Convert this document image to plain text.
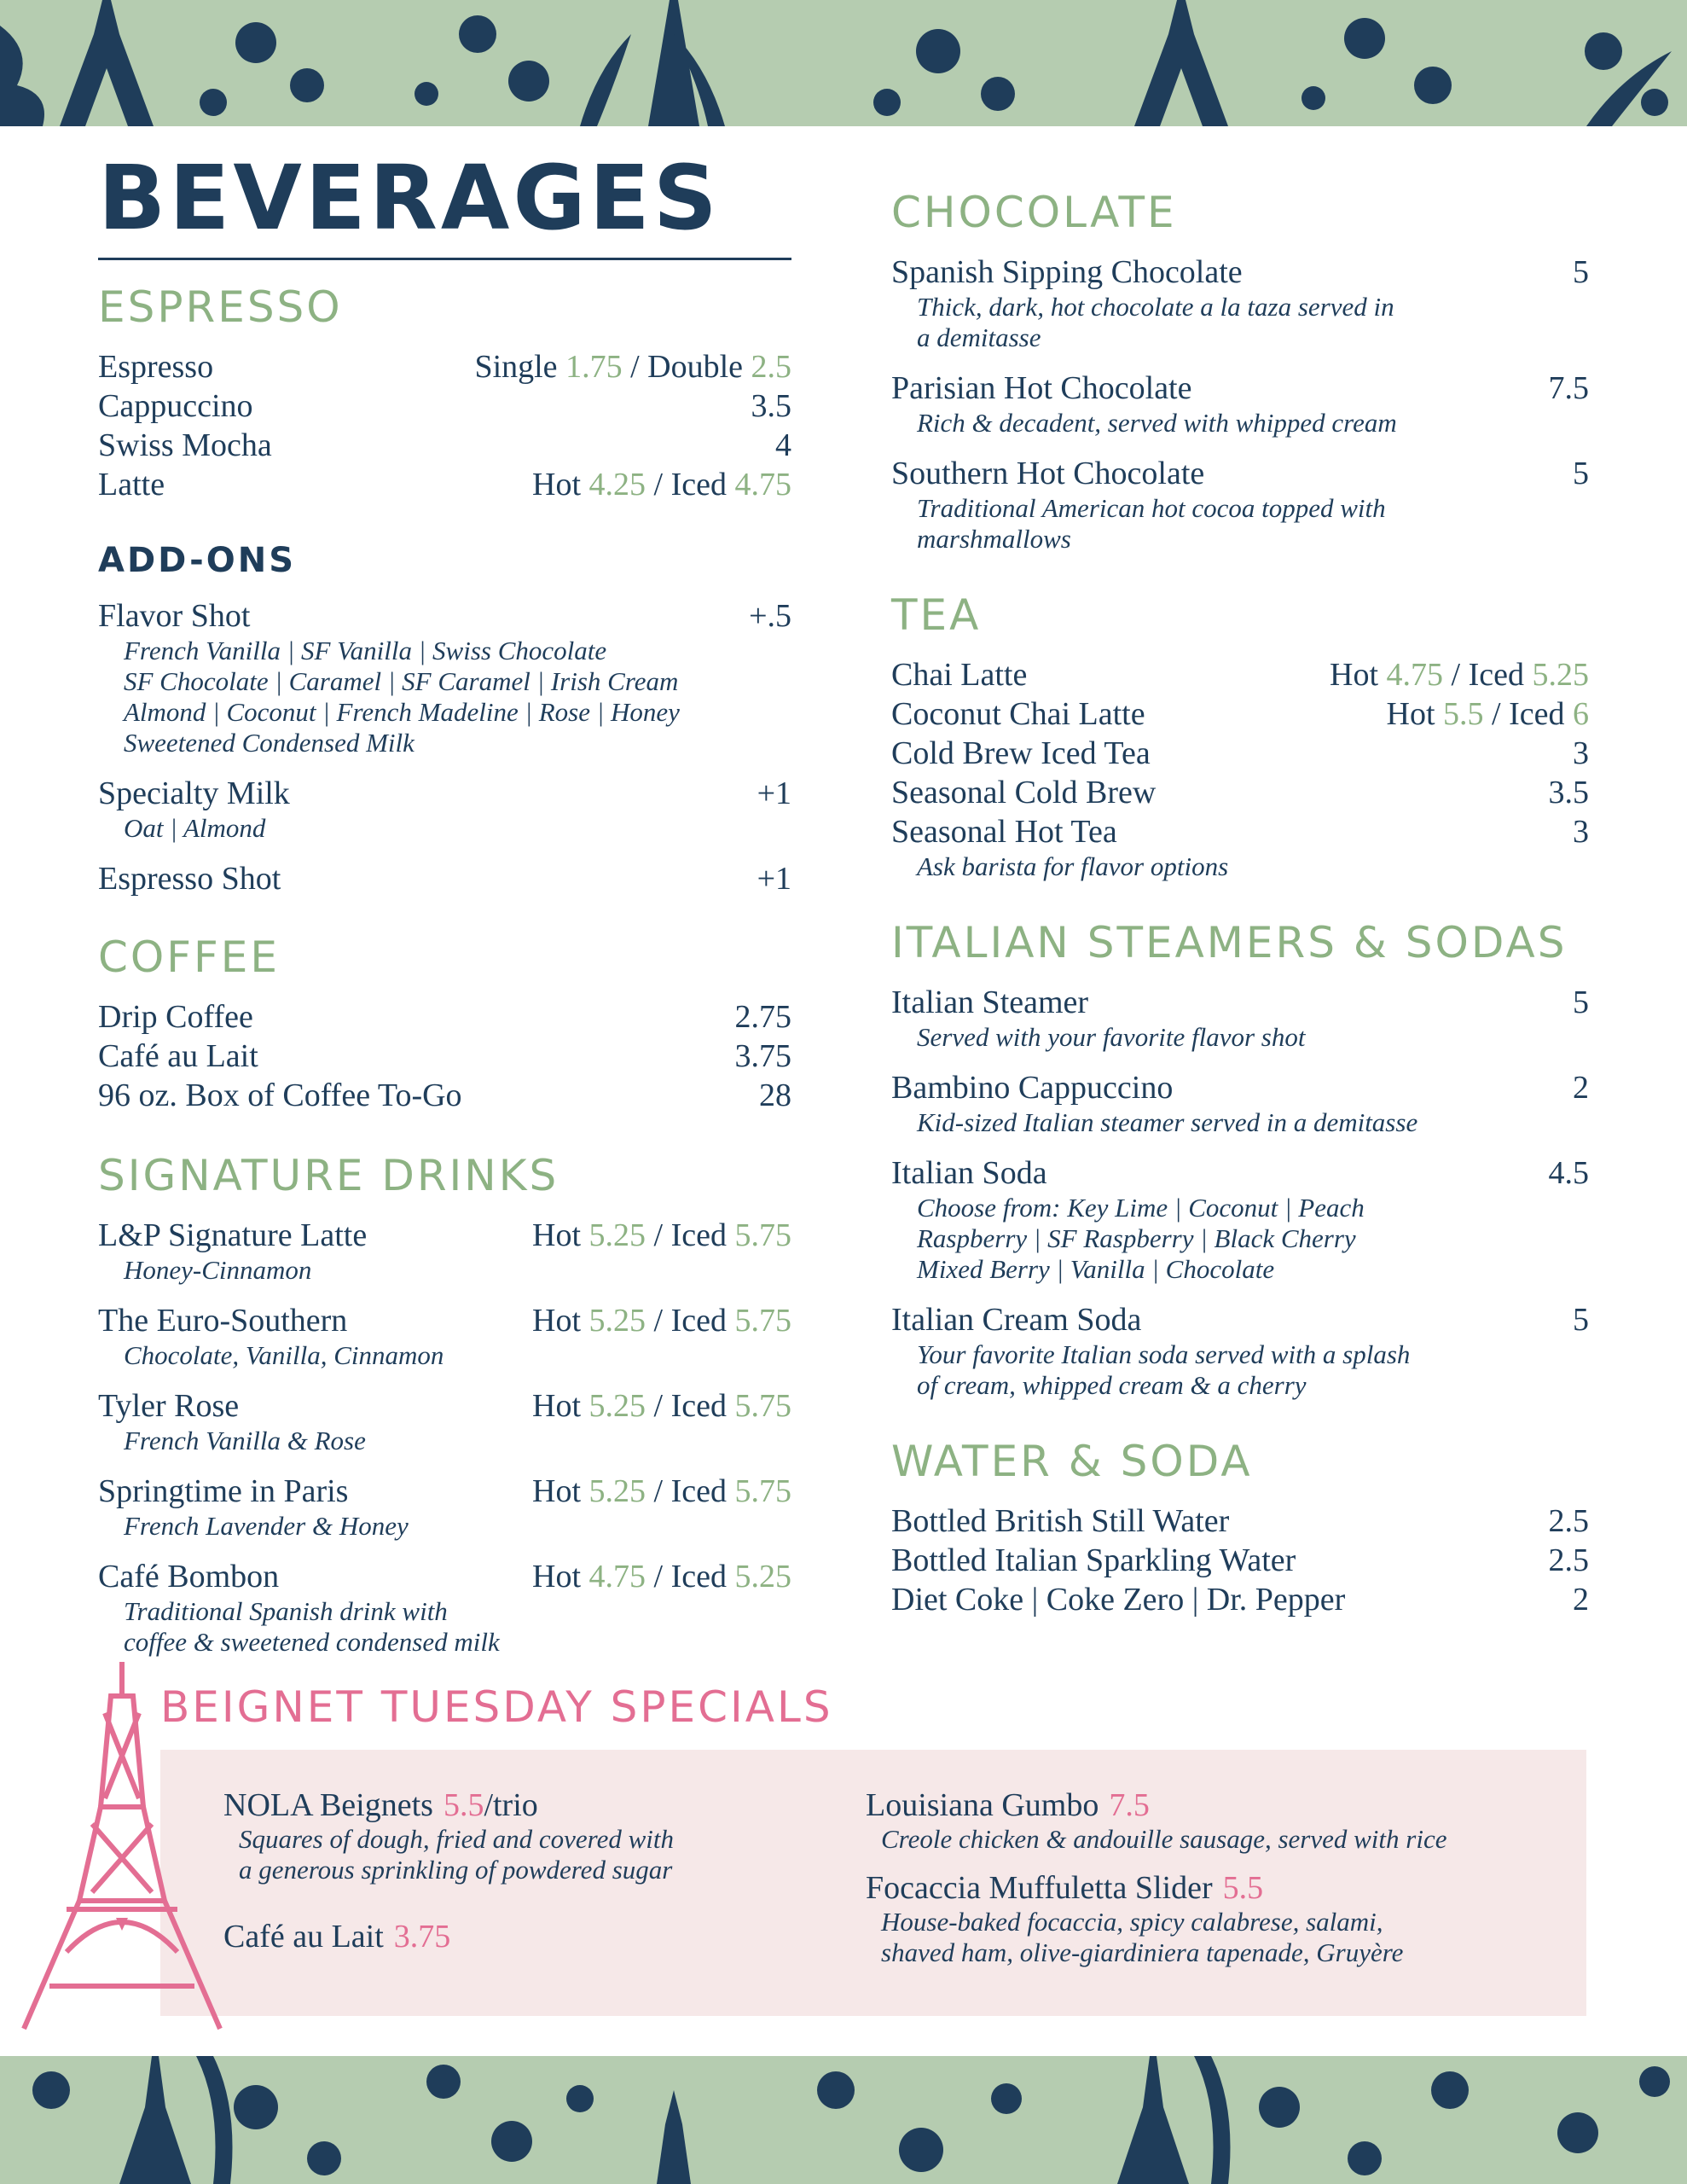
BEVERAGES
ESPRESSO
Espresso	Single 1.75 / Double 2.5
Cappuccino	3.5
Swiss Mocha	4
Latte	Hot 4.25 / Iced 4.75
ADD-ONS
Flavor Shot	+.5
French Vanilla | SF Vanilla | Swiss Chocolate
SF Chocolate | Caramel | SF Caramel | Irish Cream
Almond | Coconut | French Madeline | Rose | Honey
Sweetened Condensed Milk
Specialty Milk	+1
Oat | Almond
Espresso Shot	+1
COFFEE
Drip Coffee	2.75
Café au Lait	3.75
96 oz. Box of Coffee To-Go	28
SIGNATURE DRINKS
L&P Signature Latte	Hot 5.25 / Iced 5.75
Honey-Cinnamon
The Euro-Southern	Hot 5.25 / Iced 5.75
Chocolate, Vanilla, Cinnamon
Tyler Rose	Hot 5.25 / Iced 5.75
French Vanilla & Rose
Springtime in Paris	Hot 5.25 / Iced 5.75
French Lavender & Honey
Café Bombon	Hot 4.75 / Iced 5.25
Traditional Spanish drink with
coffee & sweetened condensed milk
CHOCOLATE
Spanish Sipping Chocolate	5
Thick, dark, hot chocolate a la taza served in
a demitasse
Parisian Hot Chocolate	7.5
Rich & decadent, served with whipped cream
Southern Hot Chocolate	5
Traditional American hot cocoa topped with
marshmallows
TEA
Chai Latte	Hot 4.75 / Iced 5.25
Coconut Chai Latte	Hot 5.5 / Iced 6
Cold Brew Iced Tea	3
Seasonal Cold Brew	3.5
Seasonal Hot Tea	3
Ask barista for flavor options
ITALIAN STEAMERS & SODAS
Italian Steamer	5
Served with your favorite flavor shot
Bambino Cappuccino	2
Kid-sized Italian steamer served in a demitasse
Italian Soda	4.5
Choose from: Key Lime | Coconut | Peach
Raspberry | SF Raspberry | Black Cherry
Mixed Berry | Vanilla | Chocolate
Italian Cream Soda	5
Your favorite Italian soda served with a splash
of cream, whipped cream & a cherry
WATER & SODA
Bottled British Still Water	2.5
Bottled Italian Sparkling Water	2.5
Diet Coke | Coke Zero | Dr. Pepper	2
BEIGNET TUESDAY SPECIALS
NOLA Beignets 5.5/trio
Squares of dough, fried and covered with
a generous sprinkling of powdered sugar
Café au Lait 3.75
Louisiana Gumbo 7.5
Creole chicken & andouille sausage, served with rice
Focaccia Muffuletta Slider 5.5
House-baked focaccia, spicy calabrese, salami,
shaved ham, olive-giardiniera tapenade, Gruyère
